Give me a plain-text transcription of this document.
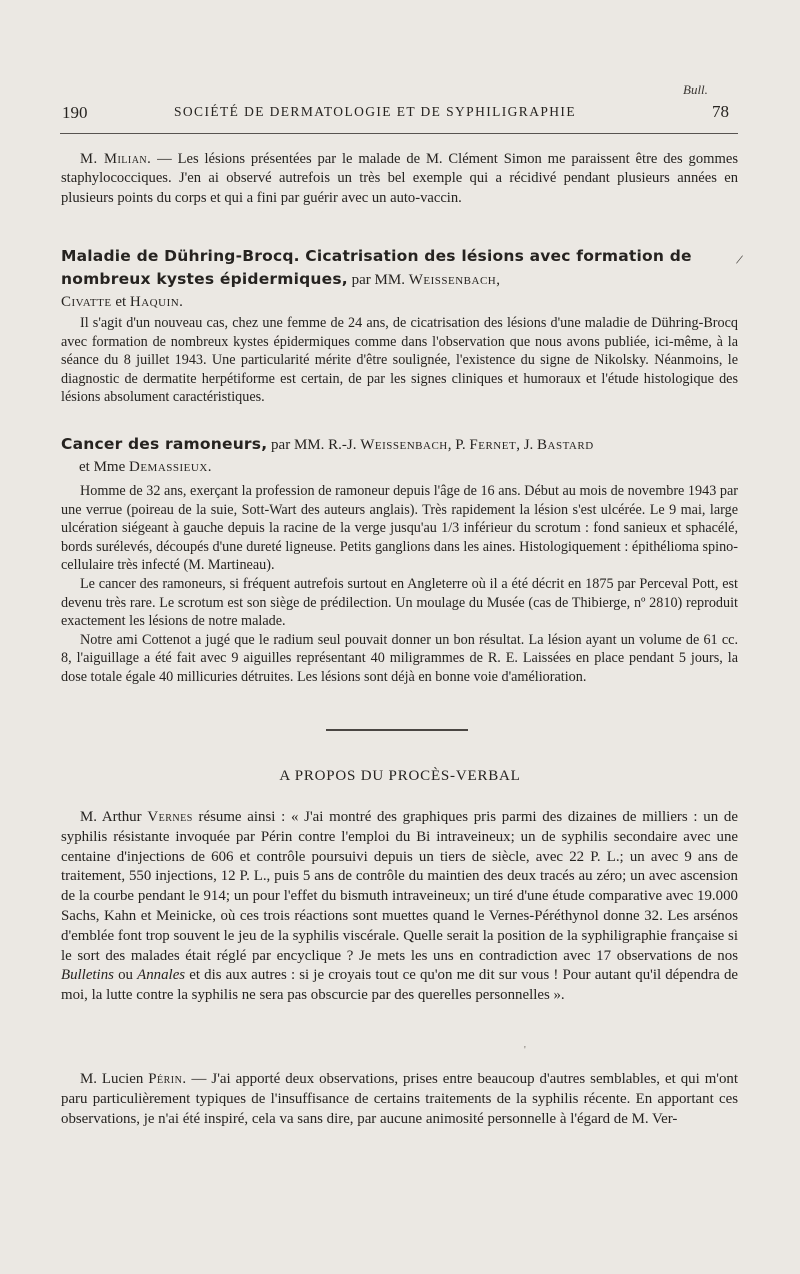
Bull.
190	SOCIÉTÉ DE DERMATOLOGIE ET DE SYPHILIGRAPHIE	78

M. Milian. — Les lésions présentées par le malade de M. Clément Simon me paraissent être des gommes staphylococciques. J'en ai observé autrefois un très bel exemple qui a récidivé pendant plusieurs années en plusieurs points du corps et qui a fini par guérir avec un auto-vaccin.

Maladie de Dühring-Brocq. Cicatrisation des lésions avec formation de nombreux kystes épidermiques, par MM. Weissenbach,
Civatte et Haquin.
/

Il s'agit d'un nouveau cas, chez une femme de 24 ans, de cicatrisation des lésions d'une maladie de Dühring-Brocq avec formation de nombreux kystes épidermiques comme dans l'observation que nous avons publiée, ici-même, à la séance du 8 juillet 1943. Une particularité mérite d'être soulignée, l'existence du signe de Nikolsky. Néanmoins, le diagnostic de dermatite herpétiforme est certain, de par les signes cliniques et humoraux et l'étude histologique des lésions absolument caractéristiques.

Cancer des ramoneurs, par MM. R.-J. Weissenbach, P. Fernet, J. Bastard
et Mme Demassieux.

Homme de 32 ans, exerçant la profession de ramoneur depuis l'âge de 16 ans. Début au mois de novembre 1943 par une verrue (poireau de la suie, Sott-Wart des auteurs anglais). Très rapidement la lésion s'est ulcérée. Le 9 mai, large ulcération siégeant à gauche depuis la racine de la verge jusqu'au 1/3 inférieur du scrotum : fond sanieux et sphacélé, bords surélevés, découpés d'une dureté ligneuse. Petits ganglions dans les aines. Histologiquement : épithélioma spino-cellulaire très infecté (M. Martineau).

Le cancer des ramoneurs, si fréquent autrefois surtout en Angleterre où il a été décrit en 1875 par Perceval Pott, est devenu très rare. Le scrotum est son siège de prédilection. Un moulage du Musée (cas de Thibierge, nº 2810) reproduit exactement les lésions de notre malade.

Notre ami Cottenot a jugé que le radium seul pouvait donner un bon résultat. La lésion ayant un volume de 61 cc. 8, l'aiguillage a été fait avec 9 aiguilles représentant 40 miligrammes de R. E. Laissées en place pendant 5 jours, la dose totale égale 40 millicuries détruites. Les lésions sont déjà en bonne voie d'amélioration.

A PROPOS DU PROCÈS-VERBAL

M. Arthur Vernes résume ainsi : « J'ai montré des graphiques pris parmi des dizaines de milliers : un de syphilis résistante invoquée par Périn contre l'emploi du Bi intraveineux; un de syphilis secondaire avec une centaine d'injections de 606 et contrôle poursuivi depuis un tiers de siècle, avec 22 P. L.; un avec 9 ans de traitement, 550 injections, 12 P. L., puis 5 ans de contrôle du maintien des deux tracés au zéro; un avec ascension de la courbe pendant le 914; un pour l'effet du bismuth intraveineux; un tiré d'une étude comparative avec 19.000 Sachs, Kahn et Meinicke, où ces trois réactions sont muettes quand le Vernes-Péréthynol donne 32. Les arsénos d'emblée font trop souvent le jeu de la syphilis viscérale. Quelle serait la position de la syphiligraphie française si le sort des malades était réglé par encyclique ? Je mets les uns en contradiction avec 17 observations de nos Bulletins ou Annales et dis aux autres : si je croyais tout ce qu'on me dit sur vous ! Pour autant qu'il dépendra de moi, la lutte contre la syphilis ne sera pas obscurcie par des querelles personnelles ».

'

M. Lucien Périn. — J'ai apporté deux observations, prises entre beaucoup d'autres semblables, et qui m'ont paru particulièrement typiques de l'insuffisance de certains traitements de la syphilis récente. En apportant ces observations, je n'ai été inspiré, cela va sans dire, par aucune animosité personnelle à l'égard de M. Ver-
